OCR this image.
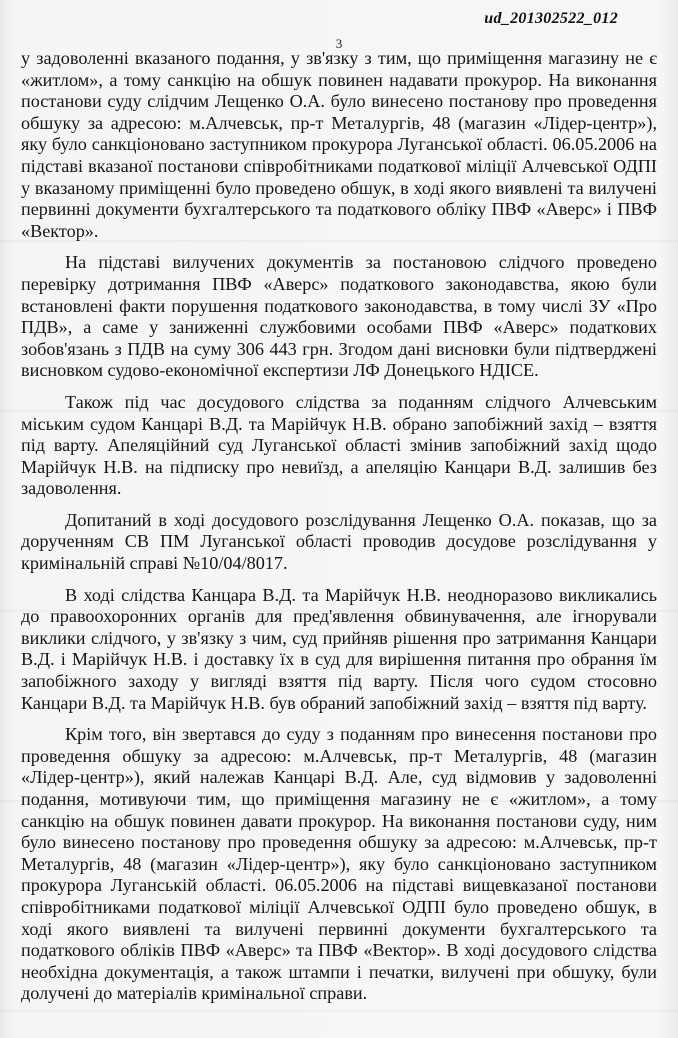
ud_201302522_012
3

у задоволенні вказаного подання, у зв'язку з тим, що приміщення магазину не є «житлом», а тому санкцію на обшук повинен надавати прокурор. На виконання постанови суду слідчим Лещенко О.А. було винесено постанову про проведення обшуку за адресою: м.Алчевськ, пр-т Металургів, 48 (магазин «Лідер-центр»), яку було санкціоновано заступником прокурора Луганської області. 06.05.2006 на підставі вказаної постанови співробітниками податкової міліції Алчевської ОДПІ у вказаному приміщенні було проведено обшук, в ході якого виявлені та вилучені первинні документи бухгалтерського та податкового обліку ПВФ «Аверс» і ПВФ «Вектор».

На підставі вилучених документів за постановою слідчого проведено перевірку дотримання ПВФ «Аверс» податкового законодавства, якою були встановлені факти порушення податкового законодавства, в тому числі ЗУ «Про ПДВ», а саме у заниженні службовими особами ПВФ «Аверс» податкових зобов'язань з ПДВ на суму 306 443 грн. Згодом дані висновки були підтверджені висновком судово-економічної експертизи ЛФ Донецького НДІСЕ.

Також під час досудового слідства за поданням слідчого Алчевським міським судом Канцарі В.Д. та Марійчук Н.В. обрано запобіжний захід – взяття під варту. Апеляційний суд Луганської області змінив запобіжний захід щодо Марійчук Н.В. на підписку про невиїзд, а апеляцію Канцари В.Д. залишив без задоволення.

Допитаний в ході досудового розслідування Лещенко О.А. показав, що за дорученням СВ ПМ Луганської області проводив досудове розслідування у кримінальній справі №10/04/8017.

В ході слідства Канцара В.Д. та Марійчук Н.В. неодноразово викликались до правоохоронних органів для пред'явлення обвинувачення, але ігнорували виклики слідчого, у зв'язку з чим, суд прийняв рішення про затримання Канцари В.Д. і Марійчук Н.В. і доставку їх в суд для вирішення питання про обрання їм запобіжного заходу у вигляді взяття під варту. Після чого судом стосовно Канцари В.Д. та Марійчук Н.В. був обраний запобіжний захід – взяття під варту.

Крім того, він звертався до суду з поданням про винесення постанови про проведення обшуку за адресою: м.Алчевськ, пр-т Металургів, 48 (магазин «Лідер-центр»), який належав Канцарі В.Д. Але, суд відмовив у задоволенні подання, мотивуючи тим, що приміщення магазину не є «житлом», а тому санкцію на обшук повинен давати прокурор. На виконання постанови суду, ним було винесено постанову про проведення обшуку за адресою: м.Алчевськ, пр-т Металургів, 48 (магазин «Лідер-центр»), яку було санкціоновано заступником прокурора Луганській області. 06.05.2006 на підставі вищевказаної постанови співробітниками податкової міліції Алчевської ОДПІ було проведено обшук, в ході якого виявлені та вилучені первинні документи бухгалтерського та податкового обліків ПВФ «Аверс» та ПВФ «Вектор». В ході досудового слідства необхідна документація, а також штампи і печатки, вилучені при обшуку, були долучені до матеріалів кримінальної справи.
